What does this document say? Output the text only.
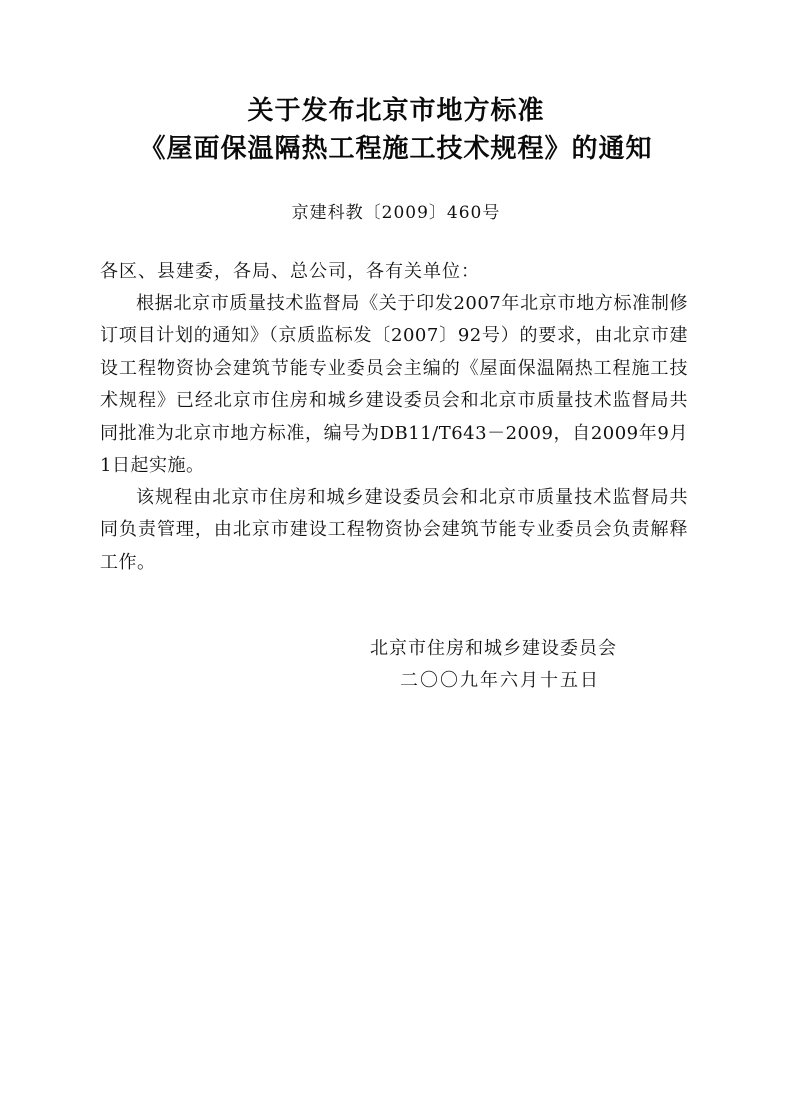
关于发布北京市地方标准
《屋面保温隔热工程施工技术规程》的通知
京建科教〔2009〕460号
各区、县建委，各局、总公司，各有关单位：

根据北京市质量技术监督局《关于印发2007年北京市地方标准制修订项目计划的通知》（京质监标发〔2007〕92号）的要求，由北京市建设工程物资协会建筑节能专业委员会主编的《屋面保温隔热工程施工技术规程》已经北京市住房和城乡建设委员会和北京市质量技术监督局共同批准为北京市地方标准，编号为DB11/T643－2009，自2009年9月1日起实施。

该规程由北京市住房和城乡建设委员会和北京市质量技术监督局共同负责管理，由北京市建设工程物资协会建筑节能专业委员会负责解释工作。

北京市住房和城乡建设委员会
二〇〇九年六月十五日
